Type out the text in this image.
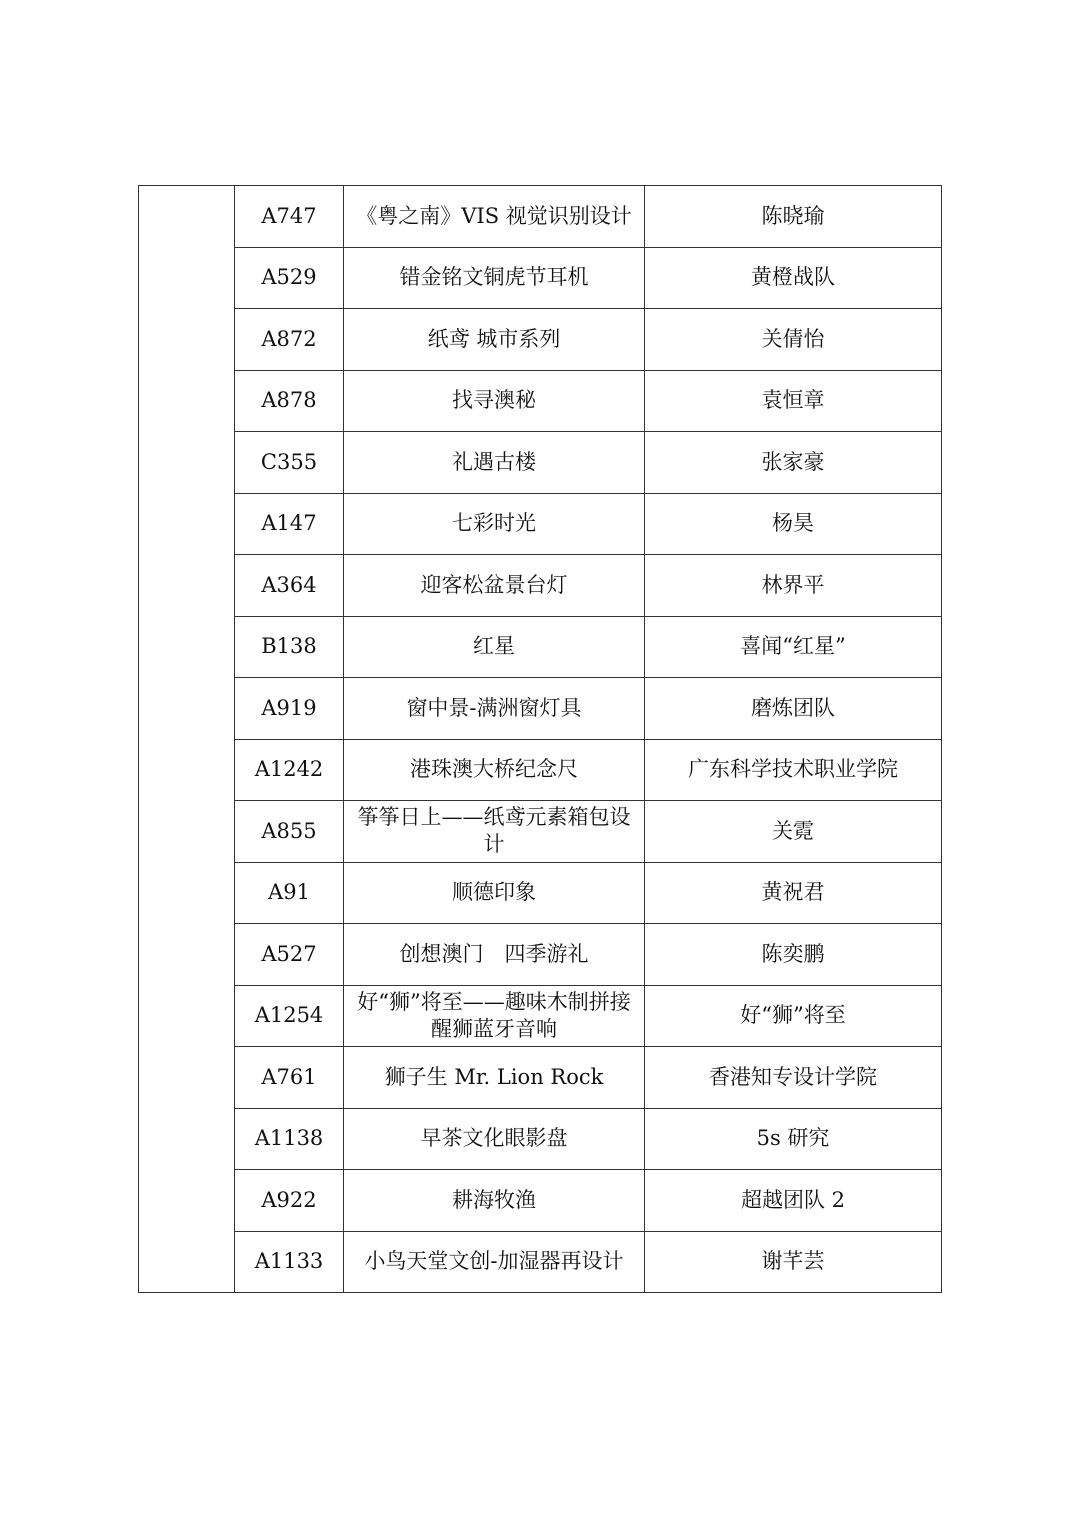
	A747	《粤之南》VIS 视觉识别设计	陈晓瑜
	A529	错金铭文铜虎节耳机	黄橙战队
	A872	纸鸢 城市系列	关倩怡
	A878	找寻澳秘	袁恒章
	C355	礼遇古楼	张家豪
	A147	七彩时光	杨昊
	A364	迎客松盆景台灯	林界平
	B138	红星	喜闻“红星”
	A919	窗中景-满洲窗灯具	磨炼团队
	A1242	港珠澳大桥纪念尺	广东科学技术职业学院
	A855	筝筝日上——纸鸢元素箱包设计	关霓
	A91	顺德印象	黄祝君
	A527	创想澳门　四季游礼	陈奕鹏
	A1254	好“狮”将至——趣味木制拼接醒狮蓝牙音响	好“狮”将至
	A761	狮子生 Mr. Lion Rock	香港知专设计学院
	A1138	早茶文化眼影盘	5s 研究
	A922	耕海牧渔	超越团队 2
	A1133	小鸟天堂文创-加湿器再设计	谢芊芸
